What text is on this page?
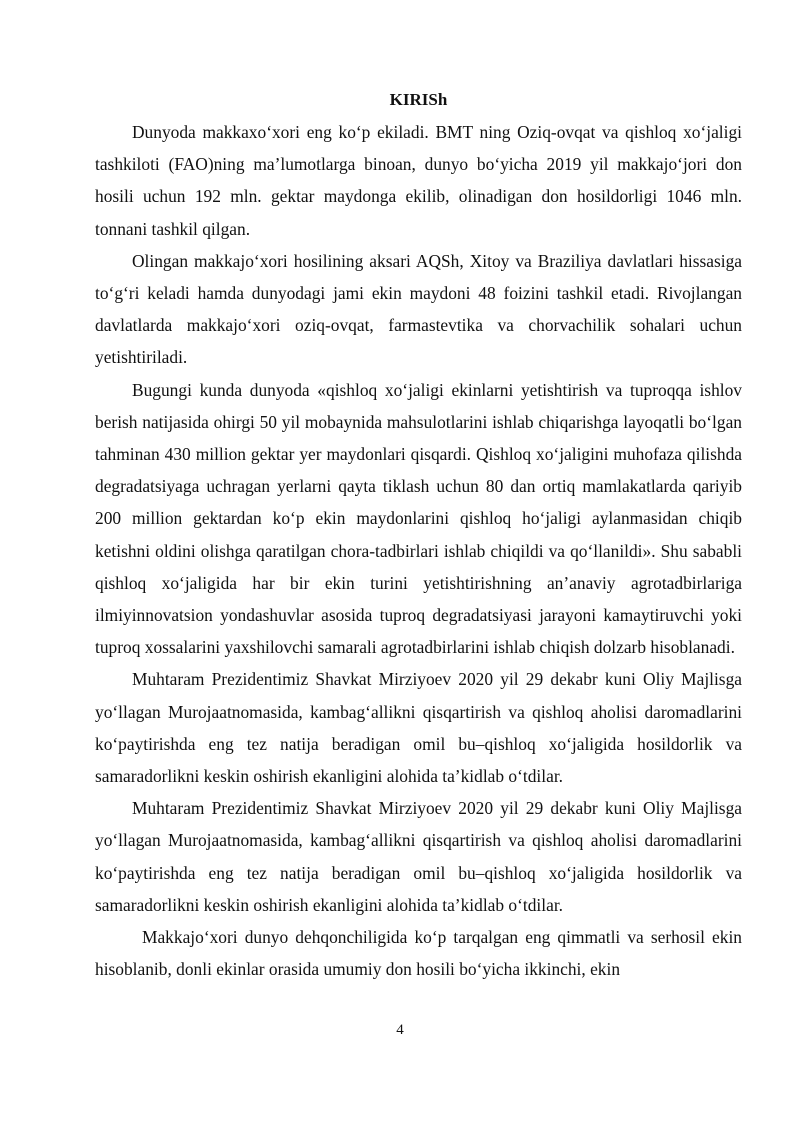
KIRISh

Dunyoda makkaxo‘xori eng ko‘p ekiladi. BMT ning Oziq-ovqat va qishloq xo‘jaligi tashkiloti (FAO)ning ma’lumotlarga binoan, dunyo bo‘yicha 2019 yil makkajo‘jori don hosili uchun 192 mln. gektar maydonga ekilib, olinadigan don hosildorligi 1046 mln. tonnani tashkil qilgan.

Olingan makkajo‘xori hosilining aksari AQSh, Xitoy va Braziliya davlatlari hissasiga to‘g‘ri keladi hamda dunyodagi jami ekin maydoni 48 foizini tashkil etadi. Rivojlangan davlatlarda makkajo‘xori oziq-ovqat, farmastevtika va chorvachilik sohalari uchun yetishtiriladi.

Bugungi kunda dunyoda «qishloq xo‘jaligi ekinlarni yetishtirish va tuproqqa ishlov berish natijasida ohirgi 50 yil mobaynida mahsulotlarini ishlab chiqarishga layoqatli bo‘lgan tahminan 430 million gektar yer maydonlari qisqardi. Qishloq xo‘jaligini muhofaza qilishda degradatsiyaga uchragan yerlarni qayta tiklash uchun 80 dan ortiq mamlakatlarda qariyib 200 million gektardan ko‘p ekin maydonlarini qishloq ho‘jaligi aylanmasidan chiqib ketishni oldini olishga qaratilgan chora-tadbirlari ishlab chiqildi va qo‘llanildi». Shu sababli qishloq xo‘jaligida har bir ekin turini yetishtirishning an’anaviy agrotadbirlariga ilmiyinnovatsion yondashuvlar asosida tuproq degradatsiyasi jarayoni kamaytiruvchi yoki tuproq xossalarini yaxshilovchi samarali agrotadbirlarini ishlab chiqish dolzarb hisoblanadi.

Muhtaram Prezidentimiz Shavkat Mirziyoev 2020 yil 29 dekabr kuni Oliy Majlisga yo‘llagan Murojaatnomasida, kambag‘allikni qisqartirish va qishloq aholisi daromadlarini ko‘paytirishda eng tez natija beradigan omil bu–qishloq xo‘jaligida hosildorlik va samaradorlikni keskin oshirish ekanligini alohida ta’kidlab o‘tdilar.

Muhtaram Prezidentimiz Shavkat Mirziyoev 2020 yil 29 dekabr kuni Oliy Majlisga yo‘llagan Murojaatnomasida, kambag‘allikni qisqartirish va qishloq aholisi daromadlarini ko‘paytirishda eng tez natija beradigan omil bu–qishloq xo‘jaligida hosildorlik va samaradorlikni keskin oshirish ekanligini alohida ta’kidlab o‘tdilar.

Makkajo‘xori dunyo dehqonchiligida ko‘p tarqalgan eng qimmatli va serhosil ekin hisoblanib, donli ekinlar orasida umumiy don hosili bo‘yicha ikkinchi, ekin

4
